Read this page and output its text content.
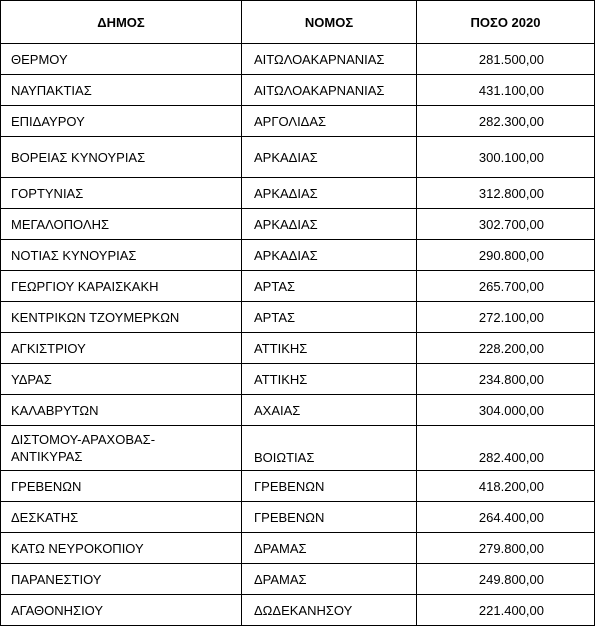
ΔΗΜΟΣ	ΝΟΜΟΣ	ΠΟΣΟ 2020
ΘΕΡΜΟΥ	ΑΙΤΩΛΟΑΚΑΡΝΑΝΙΑΣ	281.500,00
ΝΑΥΠΑΚΤΙΑΣ	ΑΙΤΩΛΟΑΚΑΡΝΑΝΙΑΣ	431.100,00
ΕΠΙΔΑΥΡΟΥ	ΑΡΓΟΛΙΔΑΣ	282.300,00
ΒΟΡΕΙΑΣ ΚΥΝΟΥΡΙΑΣ	ΑΡΚΑΔΙΑΣ	300.100,00
ΓΟΡΤΥΝΙΑΣ	ΑΡΚΑΔΙΑΣ	312.800,00
ΜΕΓΑΛΟΠΟΛΗΣ	ΑΡΚΑΔΙΑΣ	302.700,00
ΝΟΤΙΑΣ ΚΥΝΟΥΡΙΑΣ	ΑΡΚΑΔΙΑΣ	290.800,00
ΓΕΩΡΓΙΟΥ ΚΑΡΑΙΣΚΑΚΗ	ΑΡΤΑΣ	265.700,00
ΚΕΝΤΡΙΚΩΝ ΤΖΟΥΜΕΡΚΩΝ	ΑΡΤΑΣ	272.100,00
ΑΓΚΙΣΤΡΙΟΥ	ΑΤΤΙΚΗΣ	228.200,00
ΥΔΡΑΣ	ΑΤΤΙΚΗΣ	234.800,00
ΚΑΛΑΒΡΥΤΩΝ	ΑΧΑΙΑΣ	304.000,00
ΔΙΣΤΟΜΟΥ-ΑΡΑΧΟΒΑΣ-ΑΝΤΙΚΥΡΑΣ	ΒΟΙΩΤΙΑΣ	282.400,00
ΓΡΕΒΕΝΩΝ	ΓΡΕΒΕΝΩΝ	418.200,00
ΔΕΣΚΑΤΗΣ	ΓΡΕΒΕΝΩΝ	264.400,00
ΚΑΤΩ ΝΕΥΡΟΚΟΠΙΟΥ	ΔΡΑΜΑΣ	279.800,00
ΠΑΡΑΝΕΣΤΙΟΥ	ΔΡΑΜΑΣ	249.800,00
ΑΓΑΘΟΝΗΣΙΟΥ	ΔΩΔΕΚΑΝΗΣΟΥ	221.400,00
